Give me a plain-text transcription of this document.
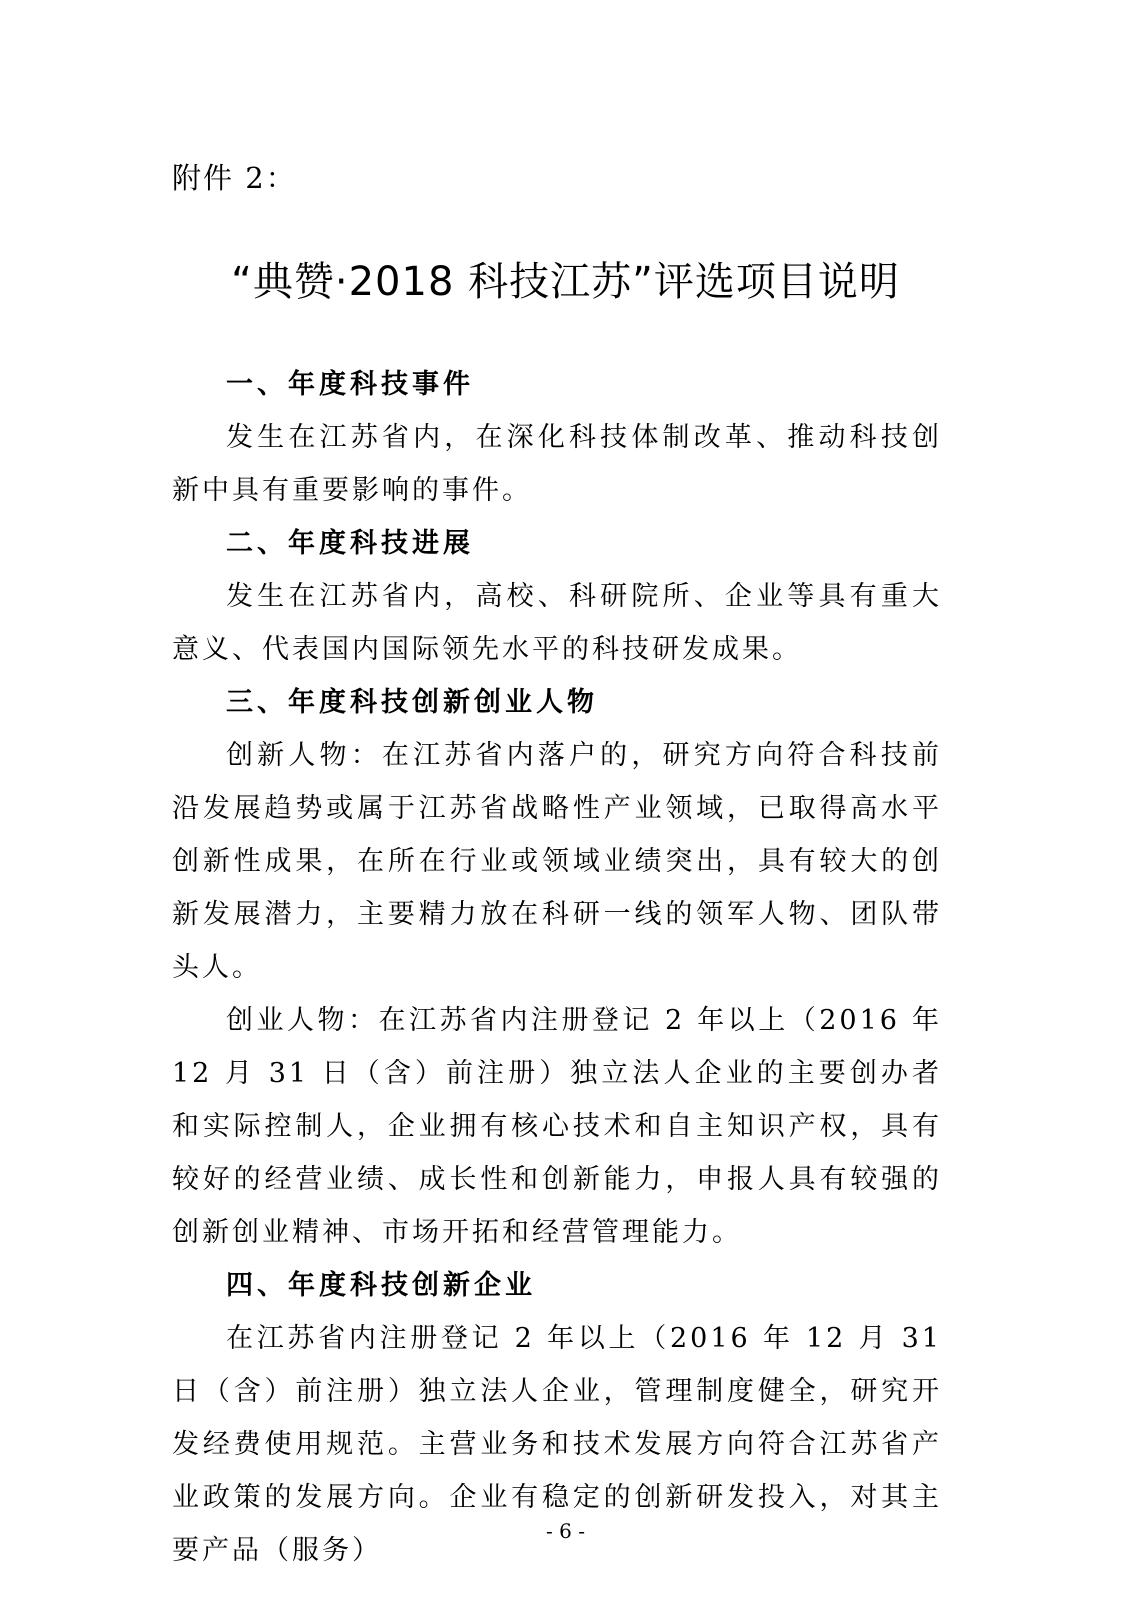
附件 2：
“典赞·2018 科技江苏”评选项目说明

一、年度科技事件

发生在江苏省内，在深化科技体制改革、推动科技创新中具有重要影响的事件。

二、年度科技进展

发生在江苏省内，高校、科研院所、企业等具有重大意义、代表国内国际领先水平的科技研发成果。

三、年度科技创新创业人物

创新人物：在江苏省内落户的，研究方向符合科技前沿发展趋势或属于江苏省战略性产业领域，已取得高水平创新性成果，在所在行业或领域业绩突出，具有较大的创新发展潜力，主要精力放在科研一线的领军人物、团队带头人。

创业人物：在江苏省内注册登记 2 年以上（2016 年 12 月 31 日（含）前注册）独立法人企业的主要创办者和实际控制人，企业拥有核心技术和自主知识产权，具有较好的经营业绩、成长性和创新能力，申报人具有较强的创新创业精神、市场开拓和经营管理能力。

四、年度科技创新企业

在江苏省内注册登记 2 年以上（2016 年 12 月 31 日（含）前注册）独立法人企业，管理制度健全，研究开发经费使用规范。主营业务和技术发展方向符合江苏省产业政策的发展方向。企业有稳定的创新研发投入，对其主要产品（服务）

- 6 -
